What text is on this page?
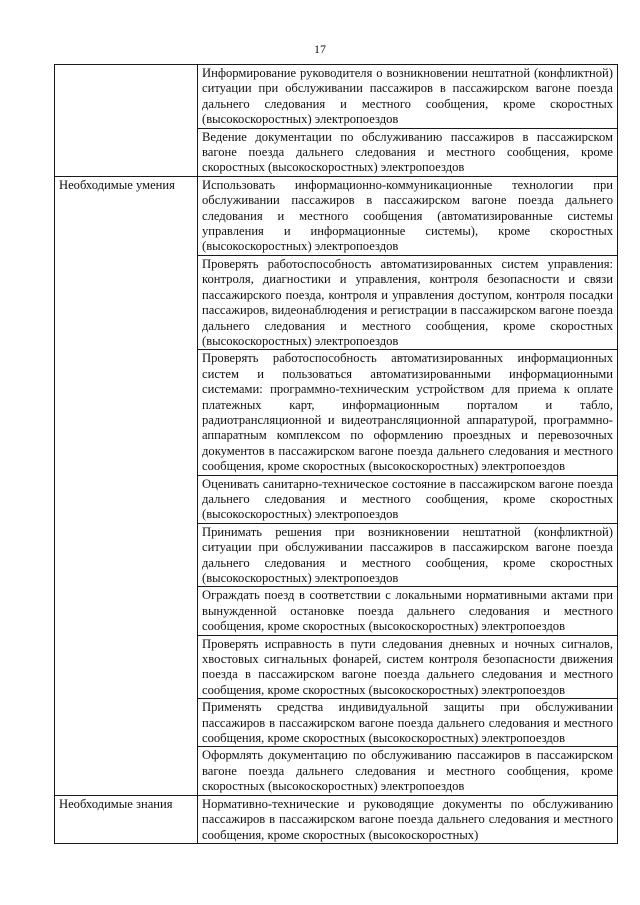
17
	Информирование руководителя о возникновении нештатной (конфликтной) ситуации при обслуживании пассажиров в пассажирском вагоне поезда дальнего следования и местного сообщения, кроме скоростных (высокоскоростных) электропоездов
	Ведение документации по обслуживанию пассажиров в пассажирском вагоне поезда дальнего следования и местного сообщения, кроме скоростных (высокоскоростных) электропоездов
Необходимые умения	Использовать информационно-коммуникационные технологии при обслуживании пассажиров в пассажирском вагоне поезда дальнего следования и местного сообщения (автоматизированные системы управления и информационные системы), кроме скоростных (высокоскоростных) электропоездов
	Проверять работоспособность автоматизированных систем управления: контроля, диагностики и управления, контроля безопасности и связи пассажирского поезда, контроля и управления доступом, контроля посадки пассажиров, видеонаблюдения и регистрации в пассажирском вагоне поезда дальнего следования и местного сообщения, кроме скоростных (высокоскоростных) электропоездов
	Проверять работоспособность автоматизированных информационных систем и пользоваться автоматизированными информационными системами: программно-техническим устройством для приема к оплате платежных карт, информационным порталом и табло, радиотрансляционной и видеотрансляционной аппаратурой, программно-аппаратным комплексом по оформлению проездных и перевозочных документов в пассажирском вагоне поезда дальнего следования и местного сообщения, кроме скоростных (высокоскоростных) электропоездов
	Оценивать санитарно-техническое состояние в пассажирском вагоне поезда дальнего следования и местного сообщения, кроме скоростных (высокоскоростных) электропоездов
	Принимать решения при возникновении нештатной (конфликтной) ситуации при обслуживании пассажиров в пассажирском вагоне поезда дальнего следования и местного сообщения, кроме скоростных (высокоскоростных) электропоездов
	Ограждать поезд в соответствии с локальными нормативными актами при вынужденной остановке поезда дальнего следования и местного сообщения, кроме скоростных (высокоскоростных) электропоездов
	Проверять исправность в пути следования дневных и ночных сигналов, хвостовых сигнальных фонарей, систем контроля безопасности движения поезда в пассажирском вагоне поезда дальнего следования и местного сообщения, кроме скоростных (высокоскоростных) электропоездов
	Применять средства индивидуальной защиты при обслуживании пассажиров в пассажирском вагоне поезда дальнего следования и местного сообщения, кроме скоростных (высокоскоростных) электропоездов
	Оформлять документацию по обслуживанию пассажиров в пассажирском вагоне поезда дальнего следования и местного сообщения, кроме скоростных (высокоскоростных) электропоездов
Необходимые знания	Нормативно-технические и руководящие документы по обслуживанию пассажиров в пассажирском вагоне поезда дальнего следования и местного сообщения, кроме скоростных (высокоскоростных)
